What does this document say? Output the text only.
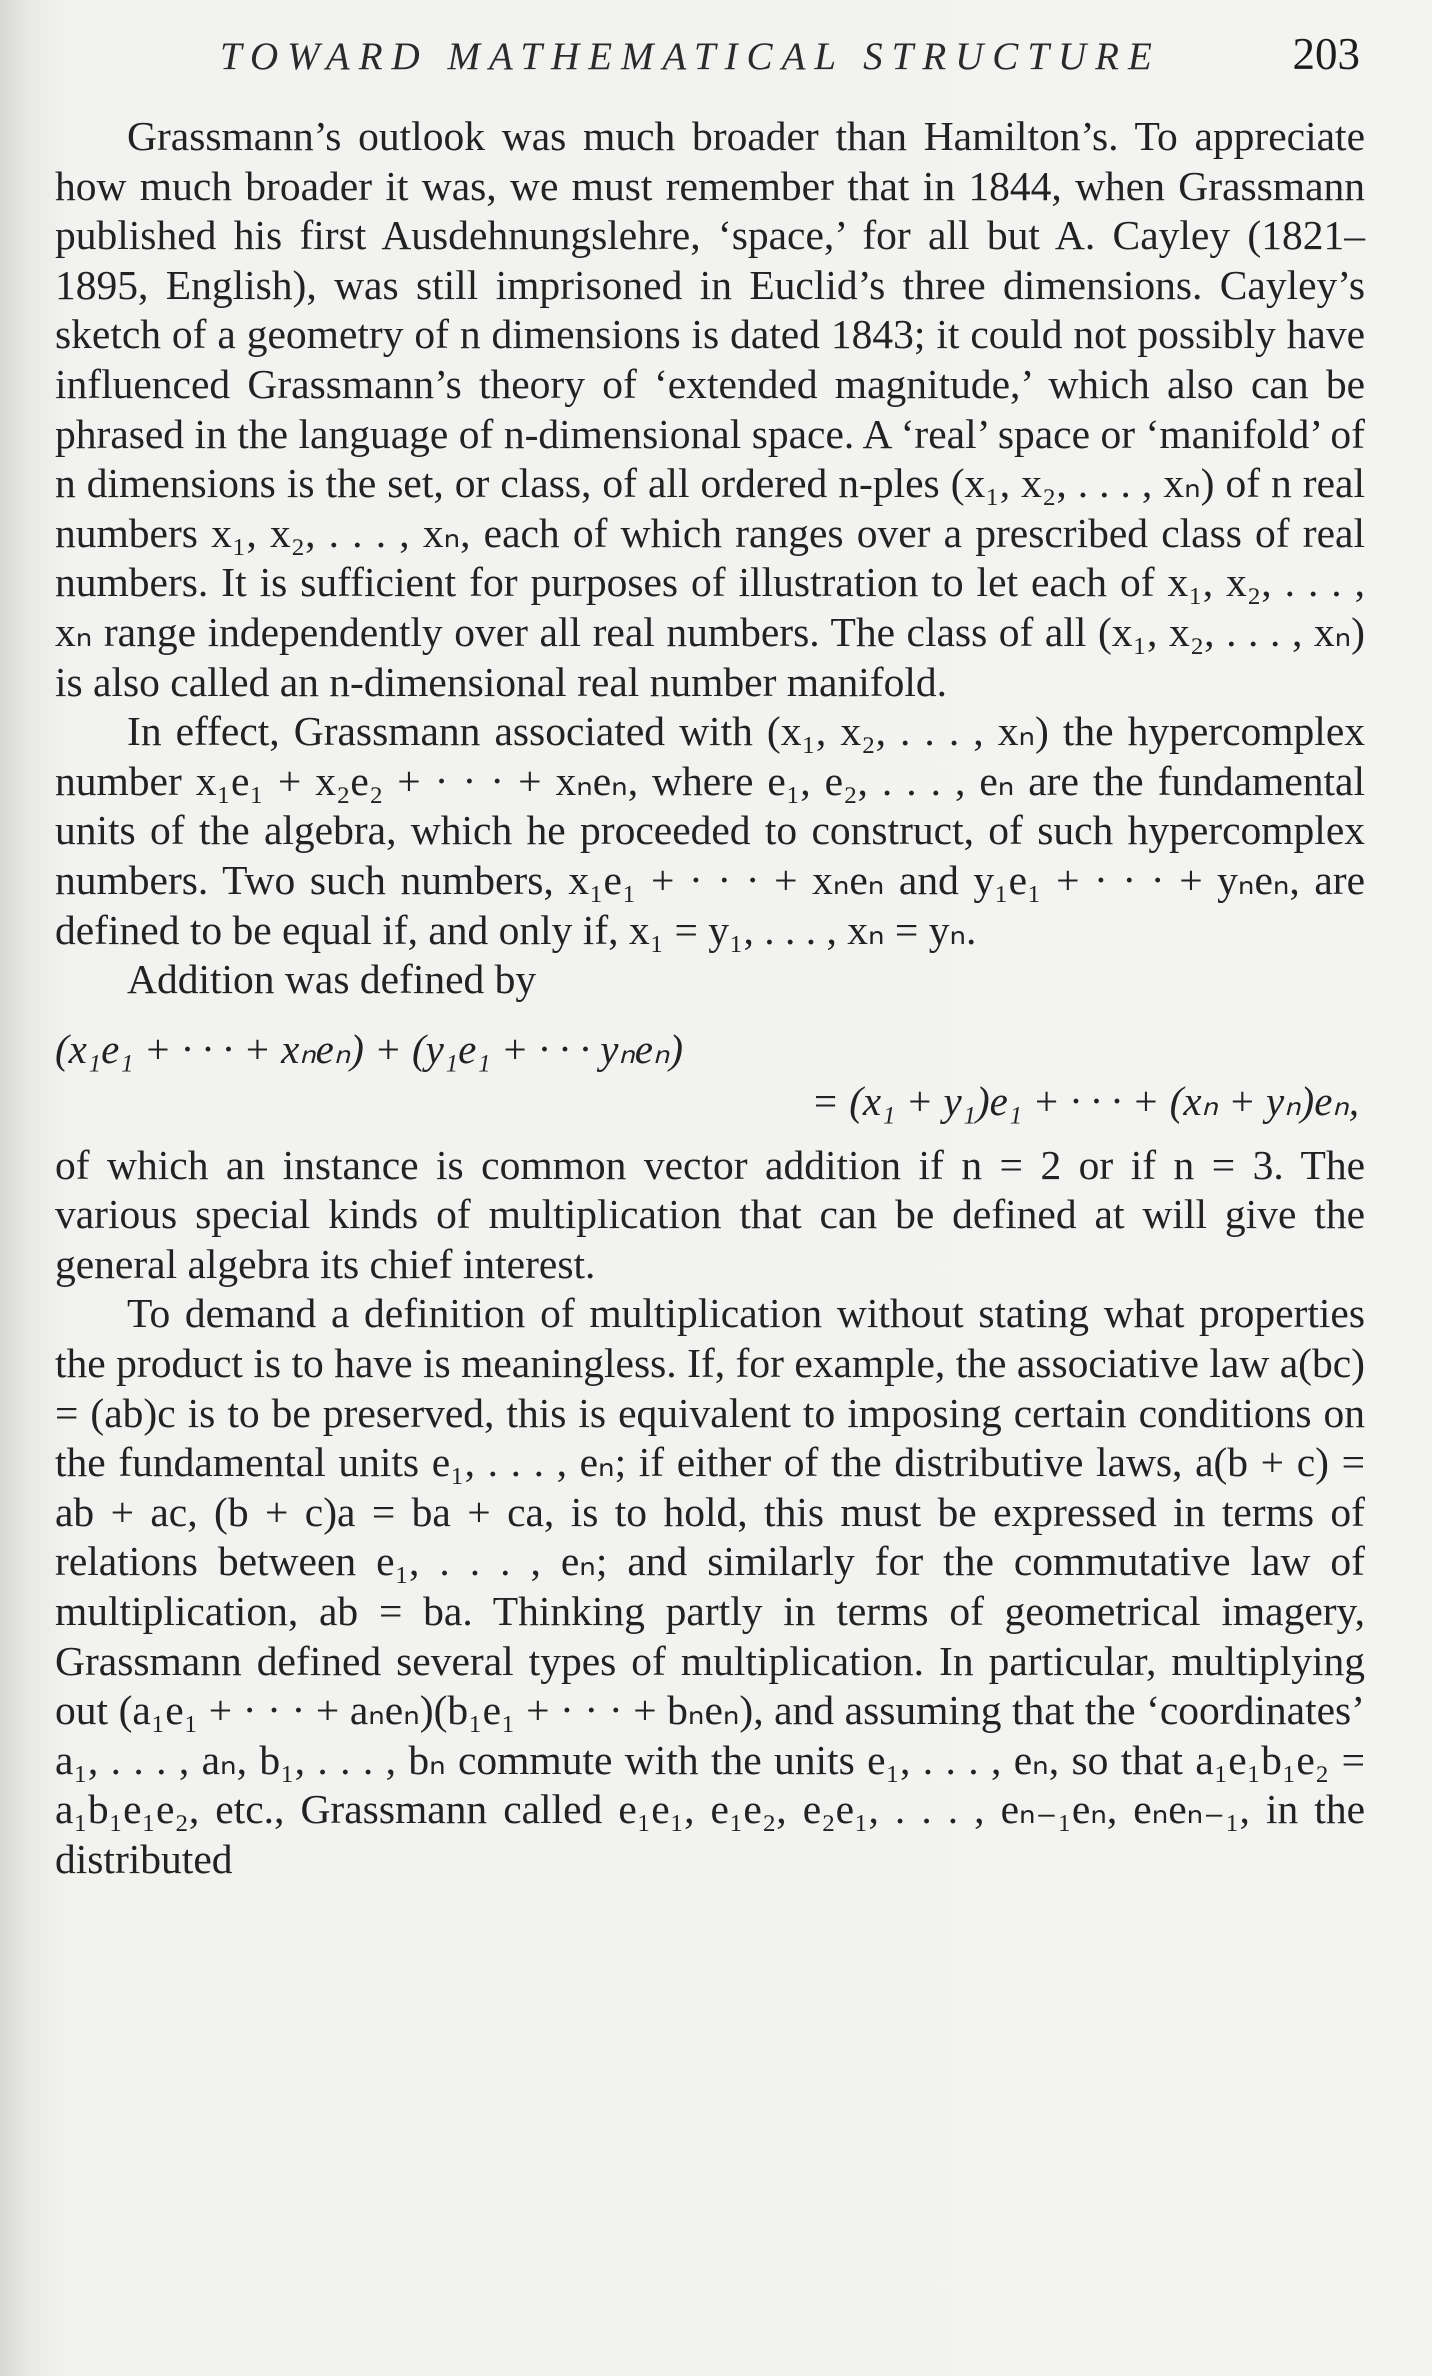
TOWARD MATHEMATICAL STRUCTURE	203

Grassmann’s outlook was much broader than Hamilton’s. To appreciate how much broader it was, we must remember that in 1844, when Grassmann published his first Ausdehnungslehre, ‘space,’ for all but A. Cayley (1821–1895, English), was still imprisoned in Euclid’s three dimensions. Cayley’s sketch of a geometry of n dimensions is dated 1843; it could not possibly have influenced Grassmann’s theory of ‘extended magnitude,’ which also can be phrased in the language of n-dimensional space. A ‘real’ space or ‘manifold’ of n dimensions is the set, or class, of all ordered n-ples (x₁, x₂, . . . , xₙ) of n real numbers x₁, x₂, . . . , xₙ, each of which ranges over a prescribed class of real numbers. It is sufficient for purposes of illustration to let each of x₁, x₂, . . . , xₙ range independently over all real numbers. The class of all (x₁, x₂, . . . , xₙ) is also called an n-dimensional real number manifold.

In effect, Grassmann associated with (x₁, x₂, . . . , xₙ) the hypercomplex number x₁e₁ + x₂e₂ + · · · + xₙeₙ, where e₁, e₂, . . . , eₙ are the fundamental units of the algebra, which he proceeded to construct, of such hypercomplex numbers. Two such numbers, x₁e₁ + · · · + xₙeₙ and y₁e₁ + · · · + yₙeₙ, are defined to be equal if, and only if, x₁ = y₁, . . . , xₙ = yₙ.

Addition was defined by

(x₁e₁ + · · · + xₙeₙ) + (y₁e₁ + · · · yₙeₙ)
= (x₁ + y₁)e₁ + · · · + (xₙ + yₙ)eₙ,

of which an instance is common vector addition if n = 2 or if n = 3. The various special kinds of multiplication that can be defined at will give the general algebra its chief interest.

To demand a definition of multiplication without stating what properties the product is to have is meaningless. If, for example, the associative law a(bc) = (ab)c is to be preserved, this is equivalent to imposing certain conditions on the fundamental units e₁, . . . , eₙ; if either of the distributive laws, a(b + c) = ab + ac, (b + c)a = ba + ca, is to hold, this must be expressed in terms of relations between e₁, . . . , eₙ; and similarly for the commutative law of multiplication, ab = ba. Thinking partly in terms of geometrical imagery, Grassmann defined several types of multiplication. In particular, multiplying out (a₁e₁ + · · · + aₙeₙ)(b₁e₁ + · · · + bₙeₙ), and assuming that the ‘coordinates’ a₁, . . . , aₙ, b₁, . . . , bₙ commute with the units e₁, . . . , eₙ, so that a₁e₁b₁e₂ = a₁b₁e₁e₂, etc., Grassmann called e₁e₁, e₁e₂, e₂e₁, . . . , eₙ₋₁eₙ, eₙeₙ₋₁, in the distributed
